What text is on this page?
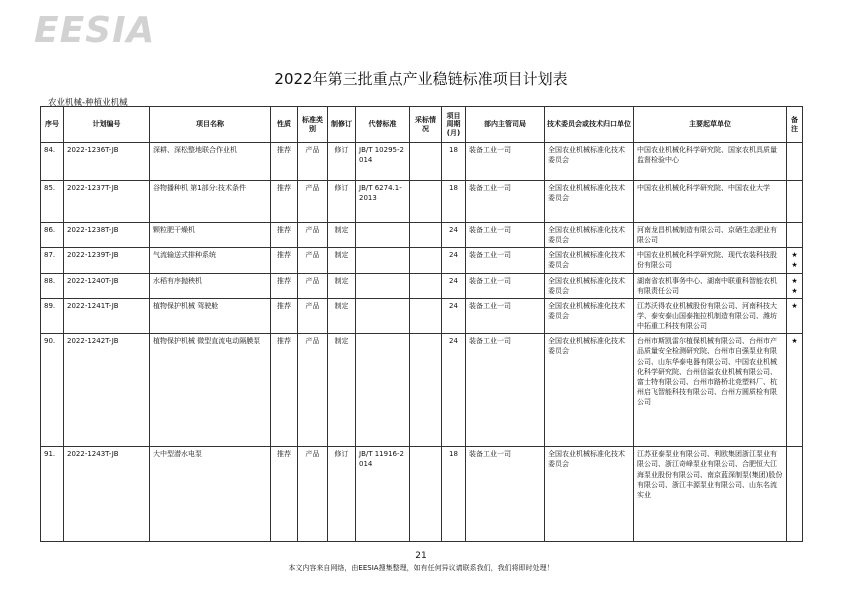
EESIA
2022年第三批重点产业稳链标准项目计划表
农业机械-种植业机械
序号	计划编号	项目名称	性质	标准类别	制修订	代替标准	采标情况	项目周期(月)	部内主管司局	技术委员会或技术归口单位	主要起草单位	备注
84.	2022-1236T-JB	深耕、深松整地联合作业机	推荐	产品	修订	JB/T 10295-2014		18	装备工业一司	全国农业机械标准化技术委员会	中国农业机械化科学研究院、国家农机具质量监督检验中心	
85.	2022-1237T-JB	谷物播种机 第1部分:技术条件	推荐	产品	修订	JB/T 6274.1-2013		18	装备工业一司	全国农业机械标准化技术委员会	中国农业机械化科学研究院、中国农业大学	
86.	2022-1238T-JB	颗粒肥干燥机	推荐	产品	制定			24	装备工业一司	全国农业机械标准化技术委员会	河南龙昌机械制造有限公司、京硒生态肥业有限公司	
87.	2022-1239T-JB	气流输送式排种系统	推荐	产品	制定			24	装备工业一司	全国农业机械标准化技术委员会	中国农业机械化科学研究院、现代农装科技股份有限公司	★★
88.	2022-1240T-JB	水稻有序抛秧机	推荐	产品	制定			24	装备工业一司	全国农业机械标准化技术委员会	湖南省农机事务中心、湖南中联重科智能农机有限责任公司	★★
89.	2022-1241T-JB	植物保护机械 驾驶舱	推荐	产品	制定			24	装备工业一司	全国农业机械标准化技术委员会	江苏沃得农业机械股份有限公司、河南科技大学、泰安泰山国泰拖拉机制造有限公司、潍坊中拓重工科技有限公司	★
90.	2022-1242T-JB	植物保护机械 微型直流电动隔膜泵	推荐	产品	制定			24	装备工业一司	全国农业机械标准化技术委员会	台州市斯凯雷尔植保机械有限公司、台州市产品质量安全检测研究院、台州市自强泵业有限公司、山东华泰电器有限公司、中国农业机械化科学研究院、台州信溢农业机械有限公司、富士特有限公司、台州市路桥北竞塑料厂、杭州启飞智能科技有限公司、台州方圆质检有限公司	★
91.	2022-1243T-JB	大中型潜水电泵	推荐	产品	修订	JB/T 11916-2014		18	装备工业一司	全国农业机械标准化技术委员会	江苏亚泰泵业有限公司、利欧集团浙江泵业有限公司、浙江奇峰泵业有限公司、合肥恒大江海泵业股份有限公司、南京蓝深制泵(集团)股份有限公司、浙江丰源泵业有限公司、山东名流实业	
21
本文内容来自网络，由EESIA搜集整理，如有任何异议请联系我们，我们将即时处理！
